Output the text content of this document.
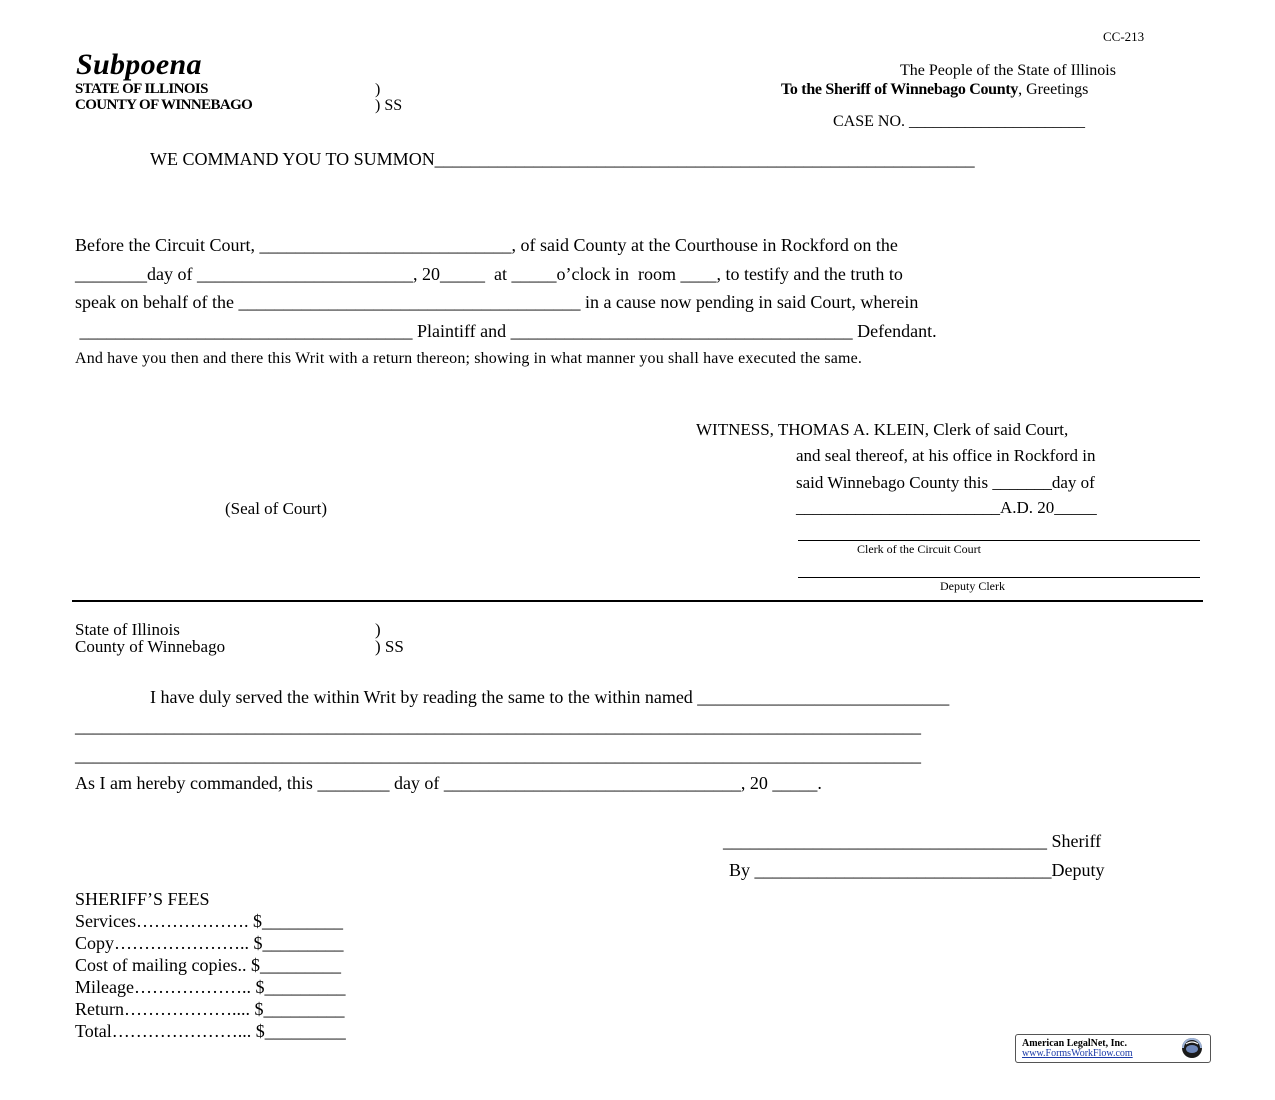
CC-213
Subpoena
STATE OF ILLINOIS	)
COUNTY OF WINNEBAGO	) SS
The People of the State of Illinois
To the Sheriff of Winnebago County, Greetings
CASE NO. ______________________
WE COMMAND YOU TO SUMMON____________________________________________________________
Before the Circuit Court, ____________________________, of said County at the Courthouse in Rockford on the
________day of ________________________, 20_____  at _____o’clock in  room ____, to testify and the truth to
speak on behalf of the ______________________________________ in a cause now pending in said Court, wherein
_____________________________________ Plaintiff and ______________________________________ Defendant.
And have you then and there this Writ with a return thereon; showing in what manner you shall have executed the same.
WITNESS, THOMAS A. KLEIN, Clerk of said Court,
and seal thereof, at his office in Rockford in
said Winnebago County this _______day of
________________________A.D. 20_____
(Seal of Court)
Clerk of the Circuit Court
Deputy Clerk
State of Illinois	)
County of Winnebago	) SS
I have duly served the within Writ by reading the same to the within named ____________________________
______________________________________________________________________________________________
______________________________________________________________________________________________
As I am hereby commanded, this ________ day of _________________________________, 20 _____.
____________________________________ Sheriff
By _________________________________Deputy
SHERIFF’S FEES
Services………………. $_________
Copy………………….. $_________
Cost of mailing copies.. $_________
Mileage……………….. $_________
Return……………….... $_________
Total…………………... $_________
American LegalNet, Inc.
www.FormsWorkFlow.com
